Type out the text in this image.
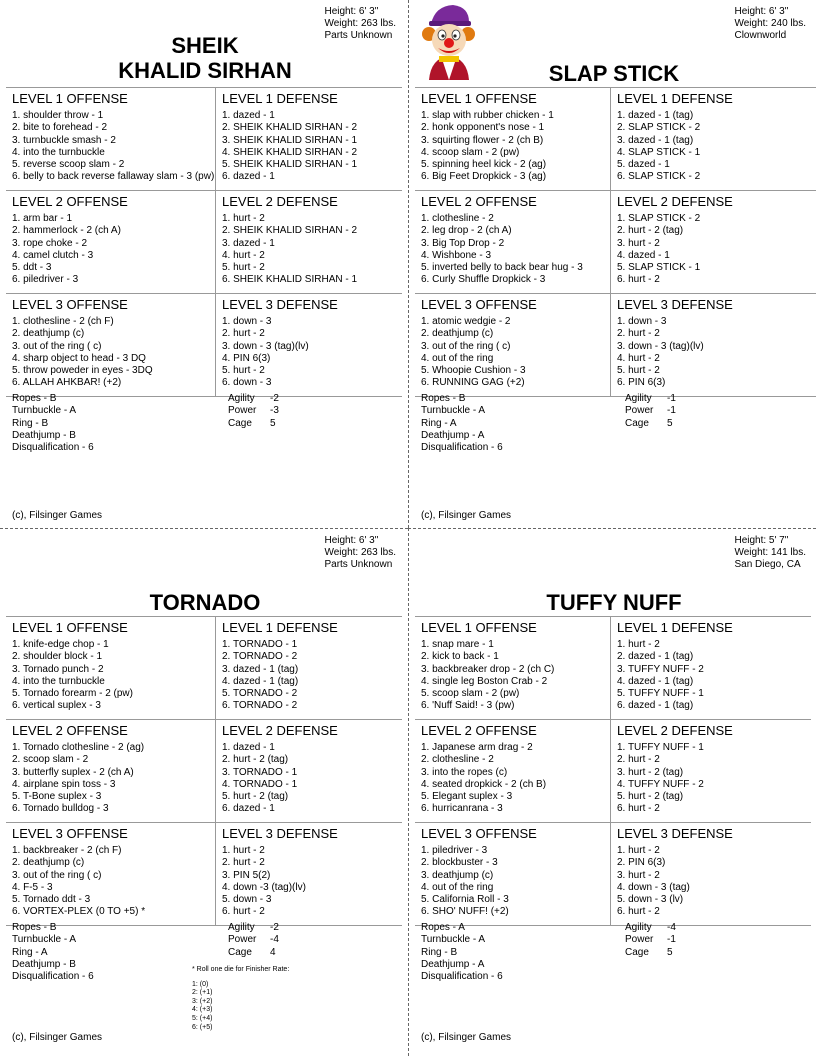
Height: 6' 3"
Weight: 263 lbs.
Parts Unknown
SHEIK
KHALID SIRHAN
LEVEL 1 OFFENSE
1. shoulder throw - 1
2. bite to forehead - 2
3. turnbuckle smash - 2
4. into the turnbuckle
5. reverse scoop slam - 2
6. belly to back reverse fallaway slam - 3 (pw)
LEVEL 1 DEFENSE
1. dazed - 1
2. SHEIK KHALID SIRHAN - 2
3. SHEIK KHALID SIRHAN - 1
4. SHEIK KHALID SIRHAN - 2
5. SHEIK KHALID SIRHAN - 1
6. dazed - 1
LEVEL 2 OFFENSE
1. arm bar - 1
2. hammerlock - 2 (ch A)
3. rope choke - 2
4. camel clutch - 3
5. ddt - 3
6. piledriver - 3
LEVEL 2 DEFENSE
1. hurt - 2
2. SHEIK KHALID SIRHAN - 2
3. dazed - 1
4. hurt - 2
5. hurt - 2
6. SHEIK KHALID SIRHAN - 1
LEVEL 3 OFFENSE
1. clothesline - 2 (ch F)
2. deathjump (c)
3. out of the ring ( c)
4. sharp object to head - 3 DQ
5. throw poweder in eyes - 3DQ
6. ALLAH AHKBAR! (+2)
LEVEL 3 DEFENSE
1. down - 3
2. hurt - 2
3. down - 3 (tag)(lv)
4. PIN 6(3)
5. hurt - 2
6. down - 3
Ropes - B
Turnbuckle - A
Ring - B
Deathjump - B
Disqualification - 6
Agility -2
Power -3
Cage 5
(c), Filsinger Games
Height: 6' 3"
Weight: 240 lbs.
Clownworld
SLAP STICK
LEVEL 1 OFFENSE
1. slap with rubber chicken - 1
2. honk opponent's nose - 1
3. squirting flower - 2 (ch B)
4. scoop slam - 2 (pw)
5. spinning heel kick - 2 (ag)
6. Big Feet Dropkick - 3 (ag)
LEVEL 1 DEFENSE
1. dazed - 1 (tag)
2. SLAP STICK - 2
3. dazed - 1 (tag)
4. SLAP STICK - 1
5. dazed - 1
6. SLAP STICK - 2
LEVEL 2 OFFENSE
1. clothesline - 2
2. leg drop - 2 (ch A)
3. Big Top Drop - 2
4. Wishbone - 3
5. inverted belly to back bear hug - 3
6. Curly Shuffle Dropkick - 3
LEVEL 2 DEFENSE
1. SLAP STICK - 2
2. hurt - 2 (tag)
3. hurt - 2
4. dazed - 1
5. SLAP STICK - 1
6. hurt - 2
LEVEL 3 OFFENSE
1. atomic wedgie - 2
2. deathjump (c)
3. out of the ring ( c)
4. out of the ring
5. Whoopie Cushion - 3
6. RUNNING GAG (+2)
LEVEL 3 DEFENSE
1. down - 3
2. hurt - 2
3. down - 3 (tag)(lv)
4. hurt - 2
5. hurt - 2
6. PIN 6(3)
Ropes - B
Turnbuckle - A
Ring - A
Deathjump - A
Disqualification - 6
Agility -1
Power -1
Cage 5
(c), Filsinger Games
Height: 6' 3"
Weight: 263 lbs.
Parts Unknown
TORNADO
LEVEL 1 OFFENSE
1. knife-edge chop - 1
2. shoulder block - 1
3. Tornado punch - 2
4. into the turnbuckle
5. Tornado forearm - 2 (pw)
6. vertical suplex - 3
LEVEL 1 DEFENSE
1. TORNADO - 1
2. TORNADO - 2
3. dazed - 1 (tag)
4. dazed - 1 (tag)
5. TORNADO - 2
6. TORNADO - 2
LEVEL 2 OFFENSE
1. Tornado clothesline - 2 (ag)
2. scoop slam - 2
3. butterfly suplex - 2 (ch A)
4. airplane spin toss - 3
5. T-Bone suplex - 3
6. Tornado bulldog - 3
LEVEL 2 DEFENSE
1. dazed - 1
2. hurt - 2 (tag)
3. TORNADO - 1
4. TORNADO - 1
5. hurt - 2 (tag)
6. dazed - 1
LEVEL 3 OFFENSE
1. backbreaker - 2 (ch F)
2. deathjump (c)
3. out of the ring ( c)
4. F-5 - 3
5. Tornado ddt - 3
6. VORTEX-PLEX (0 TO +5) *
LEVEL 3 DEFENSE
1. hurt - 2
2. hurt - 2
3. PIN 5(2)
4. down -3 (tag)(lv)
5. down - 3
6. hurt - 2
Ropes - B
Turnbuckle - A
Ring - A
Deathjump - B
Disqualification - 6
Agility -2
Power -4
Cage 4
* Roll one die for Finisher Rate:
1: (0)
2: (+1)
3: (+2)
4: (+3)
5: (+4)
6: (+5)
(c), Filsinger Games
Height: 5' 7"
Weight: 141 lbs.
San Diego, CA
TUFFY NUFF
LEVEL 1 OFFENSE
1. snap mare - 1
2. kick to back - 1
3. backbreaker drop - 2 (ch C)
4. single leg Boston Crab - 2
5. scoop slam - 2 (pw)
6. 'Nuff Said! - 3 (pw)
LEVEL 1 DEFENSE
1. hurt - 2
2. dazed - 1 (tag)
3. TUFFY NUFF - 2
4. dazed - 1 (tag)
5. TUFFY NUFF - 1
6. dazed - 1 (tag)
LEVEL 2 OFFENSE
1. Japanese arm drag - 2
2. clothesline - 2
3. into the ropes (c)
4. seated dropkick - 2 (ch B)
5. Elegant suplex - 3
6. hurricanrana - 3
LEVEL 2 DEFENSE
1. TUFFY NUFF - 1
2. hurt - 2
3. hurt - 2 (tag)
4. TUFFY NUFF - 2
5. hurt - 2 (tag)
6. hurt - 2
LEVEL 3 OFFENSE
1. piledriver - 3
2. blockbuster - 3
3. deathjump (c)
4. out of the ring
5. California Roll - 3
6. SHO' NUFF! (+2)
LEVEL 3 DEFENSE
1. hurt - 2
2. PIN 6(3)
3. hurt - 2
4. down - 3 (tag)
5. down - 3 (lv)
6. hurt - 2
Ropes - A
Turnbuckle - A
Ring - B
Deathjump - A
Disqualification - 6
Agility -4
Power -1
Cage 5
(c), Filsinger Games
